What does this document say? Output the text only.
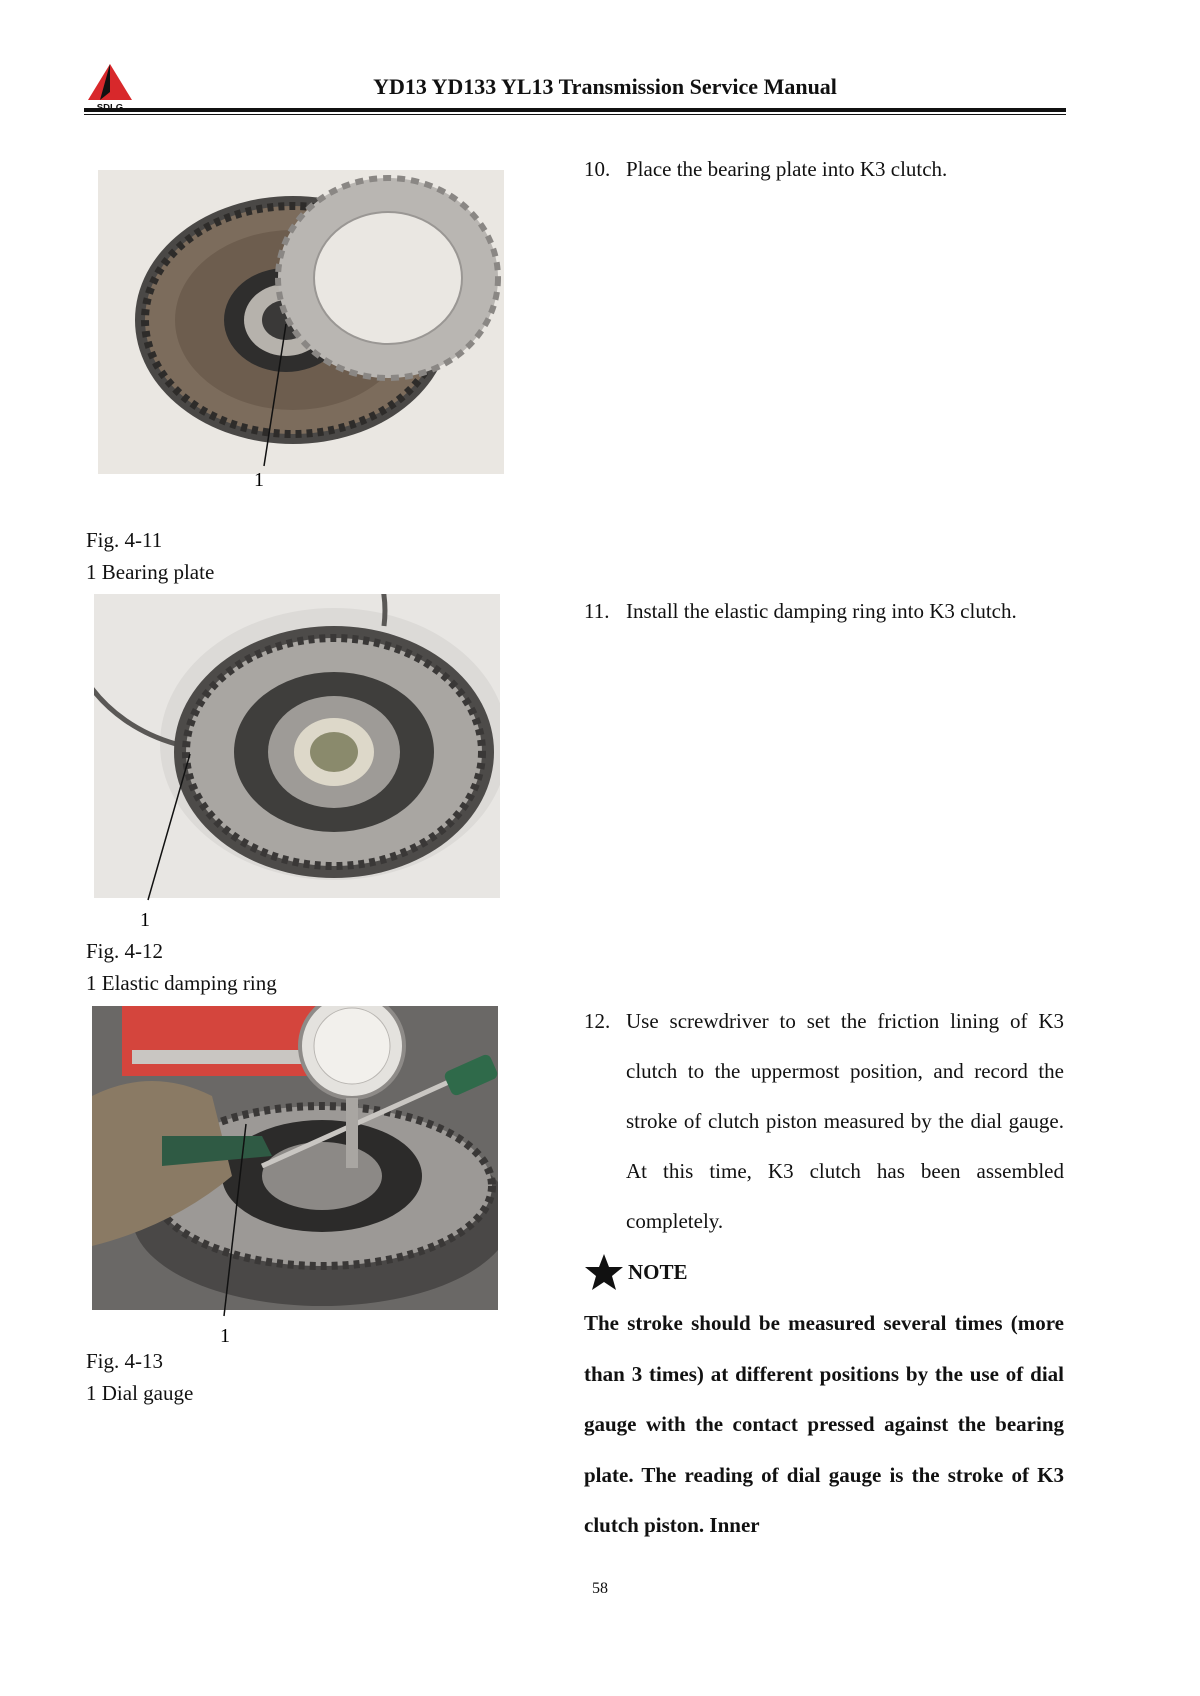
YD13 YD133 YL13 Transmission Service Manual
1
Fig. 4-11
1 Bearing plate
1
Fig. 4-12
1 Elastic damping ring
1
Fig. 4-13
1 Dial gauge
10. Place the bearing plate into K3 clutch.
11. Install the elastic damping ring into K3 clutch.
12. Use screwdriver to set the friction lining of K3 clutch to the uppermost position, and record the stroke of clutch piston measured by the dial gauge. At this time, K3 clutch has been assembled completely.
NOTE
The stroke should be measured several times (more than 3 times) at different positions by the use of dial gauge with the contact pressed against the bearing plate. The reading of dial gauge is the stroke of K3 clutch piston. Inner
58
